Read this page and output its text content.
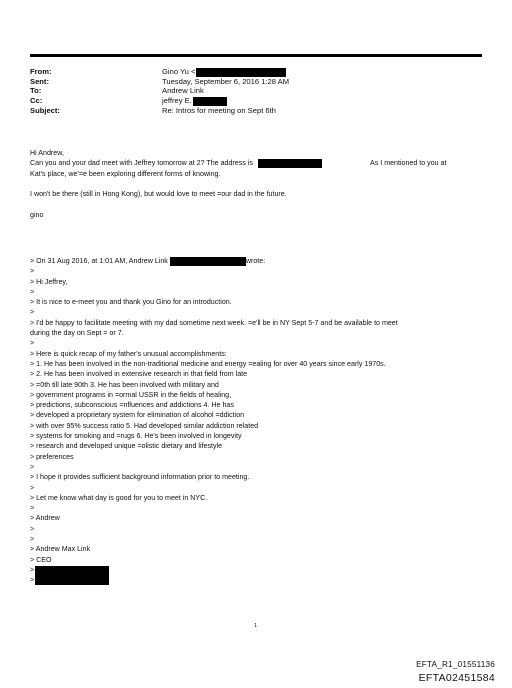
From:	Gino Yu <
Sent:	Tuesday, September 6, 2016 1:28 AM
To:	Andrew Link
Cc:	jeffrey E.
Subject:	Re: Intros for meeting on Sept 6th
Hi Andrew,
Can you and your dad meet with Jeffrey tomorrow at 2? The address is	As I mentioned to you at
Kat's place, we'=e been exploring different forms of knowing.
I won't be there (still in Hong Kong), but would love to meet =our dad in the future.
gino
> On 31 Aug 2016, at 1:01 AM, Andrew Link	wrote:
>
> Hi Jeffrey,
>
> It is nice to e-meet you and thank you Gino for an introduction.
>
> I'd be happy to facilitate meeting with my dad sometime next week. =e'll be in NY Sept 5-7 and be available to meet
during the day on Sept = or 7.
>
> Here is quick recap of my father's unusual accomplishments:
> 1. He has been involved in the non-traditional medicine and energy =ealing for over 40 years since early 1970s.
> 2. He has been involved in extensive research in that field from late
> =0th till late 90th 3. He has been involved with military and
> government programs in =ormal USSR in the fields of healing,
> predictions, subconscious =nfluences and addictions 4. He has
> developed a proprietary system for elimination of alcohol =ddiction
> with over 95% success ratio 5. Had developed similar addiction related
> systems for smoking and =rugs 6. He's been involved in longevity
> research and developed unique =olistic dietary and lifestyle
> preferences
>
> I hope it provides sufficient background information prior to meeting.
>
> Let me know what day is good for you to meet in NYC.
>
> Andrew
>
>
> Andrew Max Link
> CEO
>
>
1
EFTA_R1_01551136
EFTA02451584
